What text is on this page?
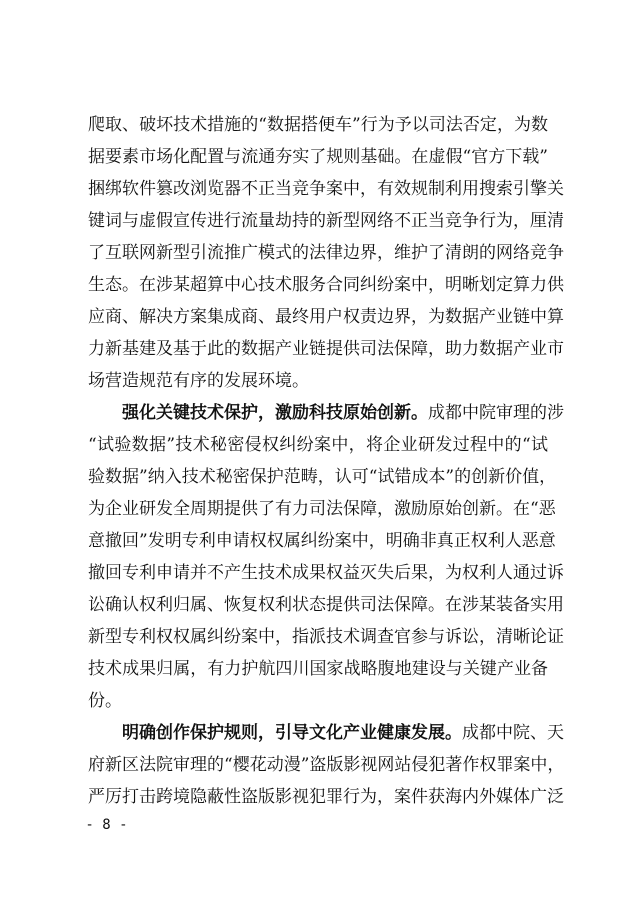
爬取、破坏技术措施的“数据搭便车”行为予以司法否定，为数
据要素市场化配置与流通夯实了规则基础。在虚假“官方下载”
捆绑软件篡改浏览器不正当竞争案中，有效规制利用搜索引擎关
键词与虚假宣传进行流量劫持的新型网络不正当竞争行为，厘清
了互联网新型引流推广模式的法律边界，维护了清朗的网络竞争
生态。在涉某超算中心技术服务合同纠纷案中，明晰划定算力供
应商、解决方案集成商、最终用户权责边界，为数据产业链中算
力新基建及基于此的数据产业链提供司法保障，助力数据产业市
场营造规范有序的发展环境。
强化关键技术保护，激励科技原始创新。成都中院审理的涉
“试验数据”技术秘密侵权纠纷案中，将企业研发过程中的“试
验数据”纳入技术秘密保护范畴，认可“试错成本”的创新价值，
为企业研发全周期提供了有力司法保障，激励原始创新。在“恶
意撤回”发明专利申请权权属纠纷案中，明确非真正权利人恶意
撤回专利申请并不产生技术成果权益灭失后果，为权利人通过诉
讼确认权利归属、恢复权利状态提供司法保障。在涉某装备实用
新型专利权权属纠纷案中，指派技术调查官参与诉讼，清晰论证
技术成果归属，有力护航四川国家战略腹地建设与关键产业备
份。
明确创作保护规则，引导文化产业健康发展。成都中院、天
府新区法院审理的“樱花动漫”盗版影视网站侵犯著作权罪案中，
严厉打击跨境隐蔽性盗版影视犯罪行为，案件获海内外媒体广泛
- 8 -
